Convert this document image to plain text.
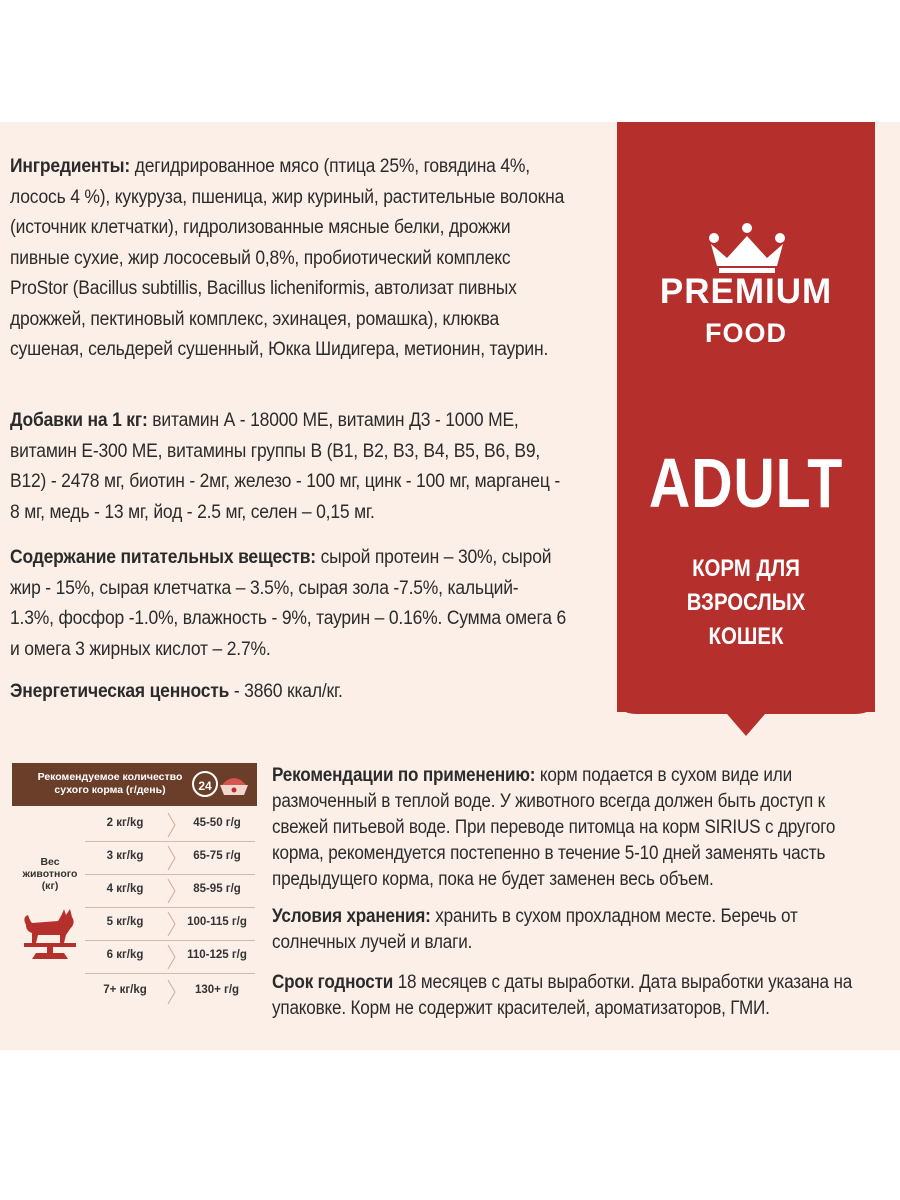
Ингредиенты: дегидрированное мясо (птица 25%, говядина 4%, лосось 4 %), кукуруза, пшеница, жир куриный, растительные волокна (источник клетчатки), гидролизованные мясные белки, дрожжи пивные сухие, жир лососевый 0,8%, пробиотический комплекс ProStor (Bacillus subtillis, Bacillus licheniformis, автолизат пивных дрожжей, пектиновый комплекс, эхинацея, ромашка), клюква сушеная, сельдерей сушенный, Юкка Шидигера, метионин, таурин.
Добавки на 1 кг: витамин А - 18000 МЕ, витамин Д3 - 1000 МЕ, витамин Е-300 МЕ, витамины группы В (В1, В2, В3, В4, В5, В6, В9, В12) - 2478 мг, биотин - 2мг, железо - 100 мг, цинк - 100 мг, марганец - 8 мг, медь - 13 мг, йод - 2.5 мг, селен – 0,15 мг.
Содержание питательных веществ: сырой протеин – 30%, сырой жир - 15%, сырая клетчатка – 3.5%, сырая зола -7.5%, кальций- 1.3%, фосфор -1.0%, влажность - 9%, таурин – 0.16%. Сумма омега 6 и омега 3 жирных кислот – 2.7%.
Энергетическая ценность - 3860 ккал/кг.
PREMIUM
FOOD
ADULT
КОРМ ДЛЯ
ВЗРОСЛЫХ
КОШЕК
Рекомендуемое количество сухого корма (г/день)	24
Вес животного (кг)
2 кг/kg	45-50 г/g
3 кг/kg	65-75 г/g
4 кг/kg	85-95 г/g
5 кг/kg	100-115 г/g
6 кг/kg	110-125 г/g
7+ кг/kg	130+ г/g
Рекомендации по применению: корм подается в сухом виде или размоченный в теплой воде. У животного всегда должен быть доступ к свежей питьевой воде. При переводе питомца на корм SIRIUS с другого корма, рекомендуется постепенно в течение 5-10 дней заменять часть предыдущего корма, пока не будет заменен весь объем.
Условия хранения: хранить в сухом прохладном месте. Беречь от солнечных лучей и влаги.
Срок годности 18 месяцев с даты выработки. Дата выработки указана на упаковке. Корм не содержит красителей, ароматизаторов, ГМИ.
